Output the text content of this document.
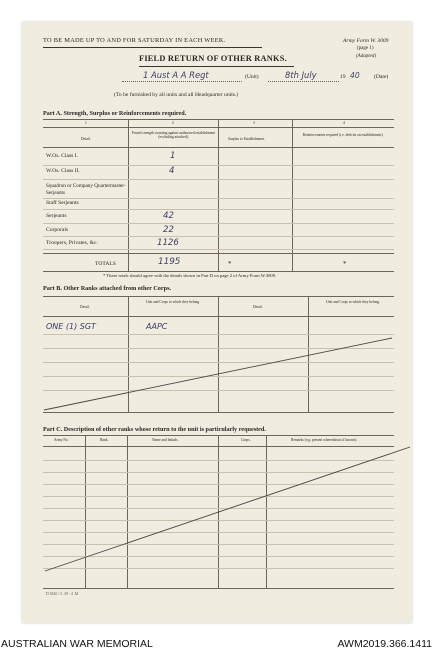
TO BE MADE UP TO AND FOR SATURDAY IN EACH WEEK.	Army Form W. 3009
(page 1)
FIELD RETURN OF OTHER RANKS.	(Adapted)
1 Aust A A Regt	(Unit)	8th July	19 40	(Date)
(To be furnished by all units and all Headquarter units.)
Part A. Strength, Surplus or Reinforcements required.
1	2	3	4
Detail.
Posted strength counting against authorized establishment (excluding attached).	Surplus to Establishment.
Reinforcements required (i.e. deficits on establishment).
W.Os. Class I.	1
W.Os. Class II.	4
Squadron or Company Quartermaster-Serjeants
Staff Serjeants
Serjeants	42
Corporals	22
Troopers, Privates, &c.	1126
TOTALS	1195	*	*
* These totals should agree with the details shown in Part D on page 2 of Army Form W.3009.
Part B. Other Ranks attached from other Corps.
Detail.
Unit and Corps to which they belong.
Detail.
Unit and Corps to which they belong.
ONE (1) SGT	AAPC
Part C. Description of other ranks whose return to the unit is particularly requested.
Army No.	Rank.	Name and Initials.	Corps.	Remarks (e.g. present whereabouts if known).
D.5610 / 3 .39 - 4 .M
AUSTRALIAN WAR MEMORIAL	AWM2019.366.1411
